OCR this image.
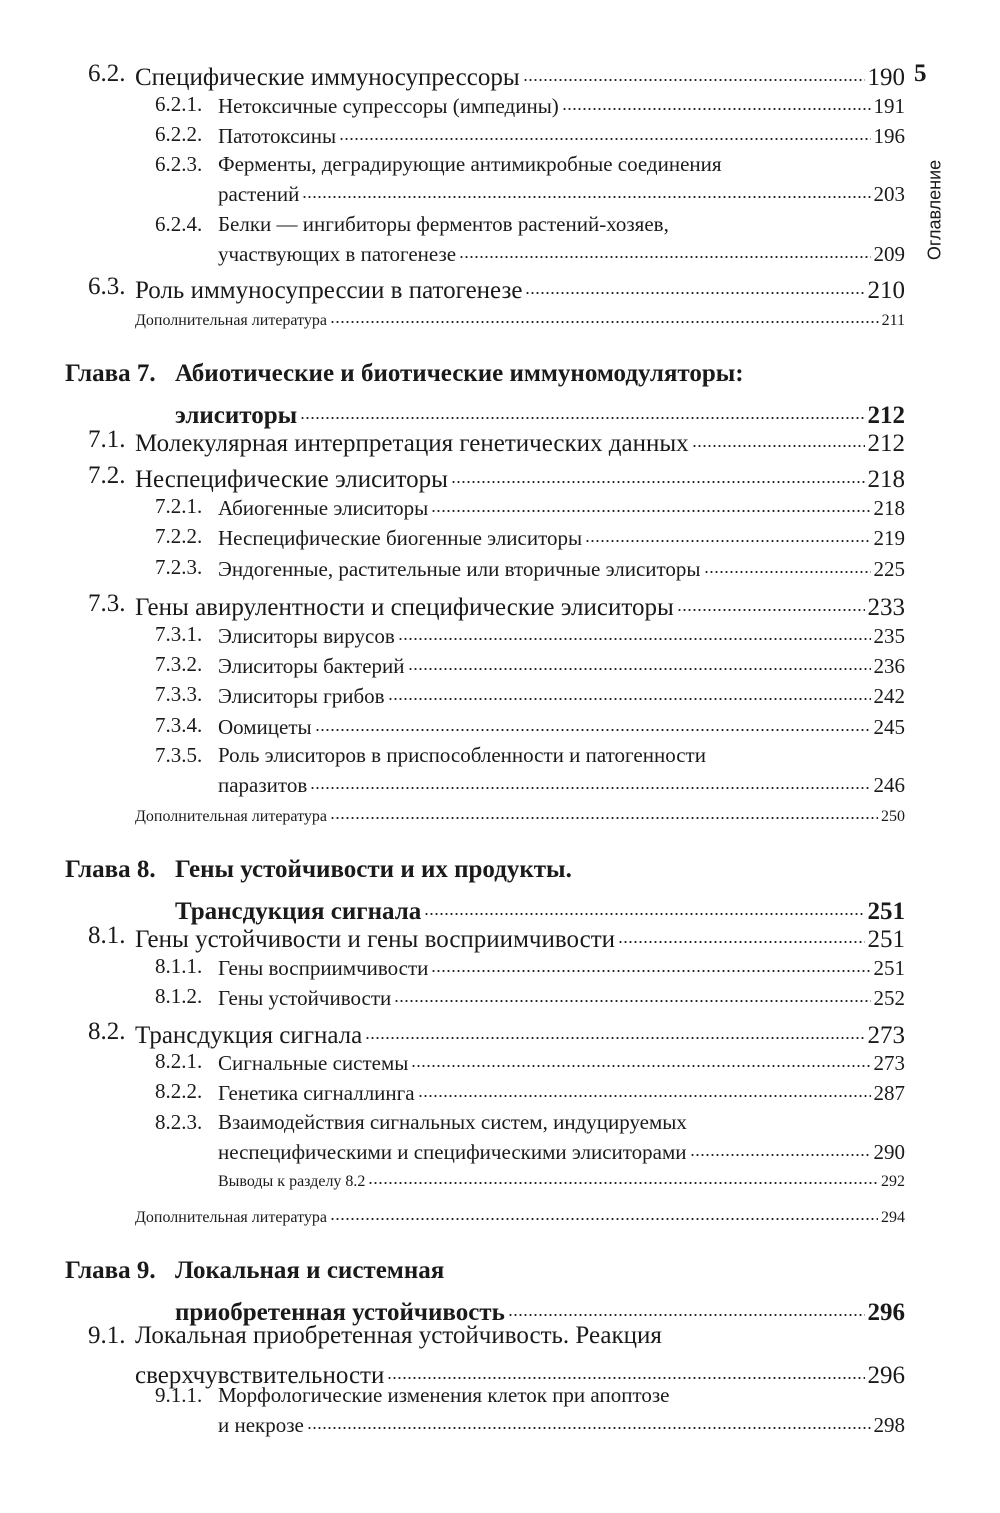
5
Оглавление
6.2. Специфические иммуносупрессоры	190
6.2.1. Нетоксичные супрессоры (импедины)	191
6.2.2. Патотоксины	196
6.2.3. Ферменты, деградирующие антимикробные соединения
растений	203
6.2.4. Белки — ингибиторы ферментов растений-хозяев,
участвующих в патогенезе	209
6.3. Роль иммуносупрессии в патогенезе	210
Дополнительная литература	211
Глава 7. Абиотические и биотические иммуномодуляторы:
элиситоры	212
7.1. Молекулярная интерпретация генетических данных	212
7.2. Неспецифические элиситоры	218
7.2.1. Абиогенные элиситоры	218
7.2.2. Неспецифические биогенные элиситоры	219
7.2.3. Эндогенные, растительные или вторичные элиситоры	225
7.3. Гены авирулентности и специфические элиситоры	233
7.3.1. Элиситоры вирусов	235
7.3.2. Элиситоры бактерий	236
7.3.3. Элиситоры грибов	242
7.3.4. Оомицеты	245
7.3.5. Роль элиситоров в приспособленности и патогенности
паразитов	246
Дополнительная литература	250
Глава 8. Гены устойчивости и их продукты.
Трансдукция сигнала	251
8.1. Гены устойчивости и гены восприимчивости	251
8.1.1. Гены восприимчивости	251
8.1.2. Гены устойчивости	252
8.2. Трансдукция сигнала	273
8.2.1. Сигнальные системы	273
8.2.2. Генетика сигналлинга	287
8.2.3. Взаимодействия сигнальных систем, индуцируемых
неспецифическими и специфическими элиситорами	290
Выводы к разделу 8.2	292
Дополнительная литература	294
Глава 9. Локальная и системная
приобретенная устойчивость	296
9.1. Локальная приобретенная устойчивость. Реакция
сверхчувствительности	296
9.1.1. Морфологические изменения клеток при апоптозе
и некрозе	298
